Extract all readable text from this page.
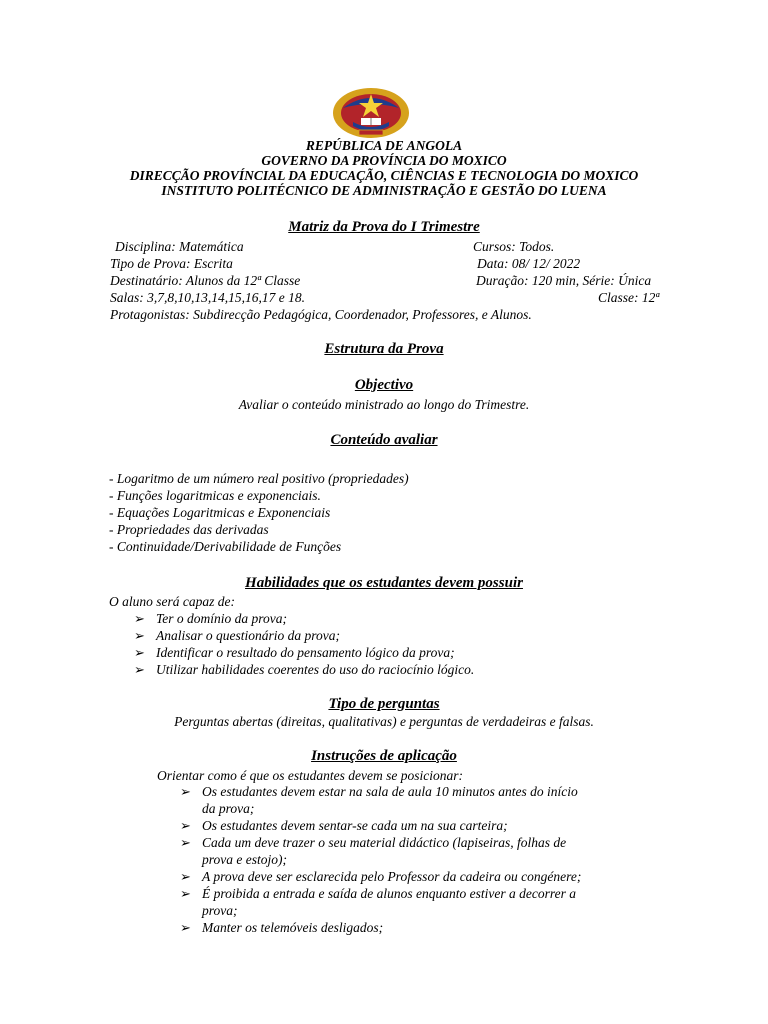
REPÚBLICA DE ANGOLA
GOVERNO DA PROVÍNCIA DO MOXICO
DIRECÇÃO PROVÍNCIAL DA EDUCAÇÃO, CIÊNCIAS E TECNOLOGIA DO MOXICO
INSTITUTO POLITÉCNICO DE ADMINISTRAÇÃO E GESTÃO DO LUENA
Matriz da Prova do I Trimestre
Disciplina: Matemática	Cursos: Todos.
Tipo de Prova: Escrita	Data: 08/ 12/ 2022
Destinatário: Alunos da 12ª Classe	Duração: 120 min, Série: Única
Salas: 3,7,8,10,13,14,15,16,17 e 18.	Classe: 12ª
Protagonistas: Subdirecção Pedagógica, Coordenador, Professores, e Alunos.
Estrutura da Prova
Objectivo
Avaliar o conteúdo ministrado ao longo do Trimestre.
Conteúdo avaliar
- Logaritmo de um número real positivo (propriedades)
- Funções logaritmicas e exponenciais.
- Equações Logaritmicas e Exponenciais
- Propriedades das derivadas
- Continuidade/Derivabilidade de Funções
Habilidades que os estudantes devem possuir
O aluno será capaz de:
➢ Ter o domínio da prova;
➢ Analisar o questionário da prova;
➢ Identificar o resultado do pensamento lógico da prova;
➢ Utilizar habilidades coerentes do uso do raciocínio lógico.
Tipo de perguntas
Perguntas abertas (direitas, qualitativas) e perguntas de verdadeiras e falsas.
Instruções de aplicação
Orientar como é que os estudantes devem se posicionar:
➢ Os estudantes devem estar na sala de aula 10 minutos antes do início
da prova;
➢ Os estudantes devem sentar-se cada um na sua carteira;
➢ Cada um deve trazer o seu material didáctico (lapiseiras, folhas de
prova e estojo);
➢ A prova deve ser esclarecida pelo Professor da cadeira ou congénere;
➢ É proibida a entrada e saída de alunos enquanto estiver a decorrer a
prova;
➢ Manter os telemóveis desligados;
